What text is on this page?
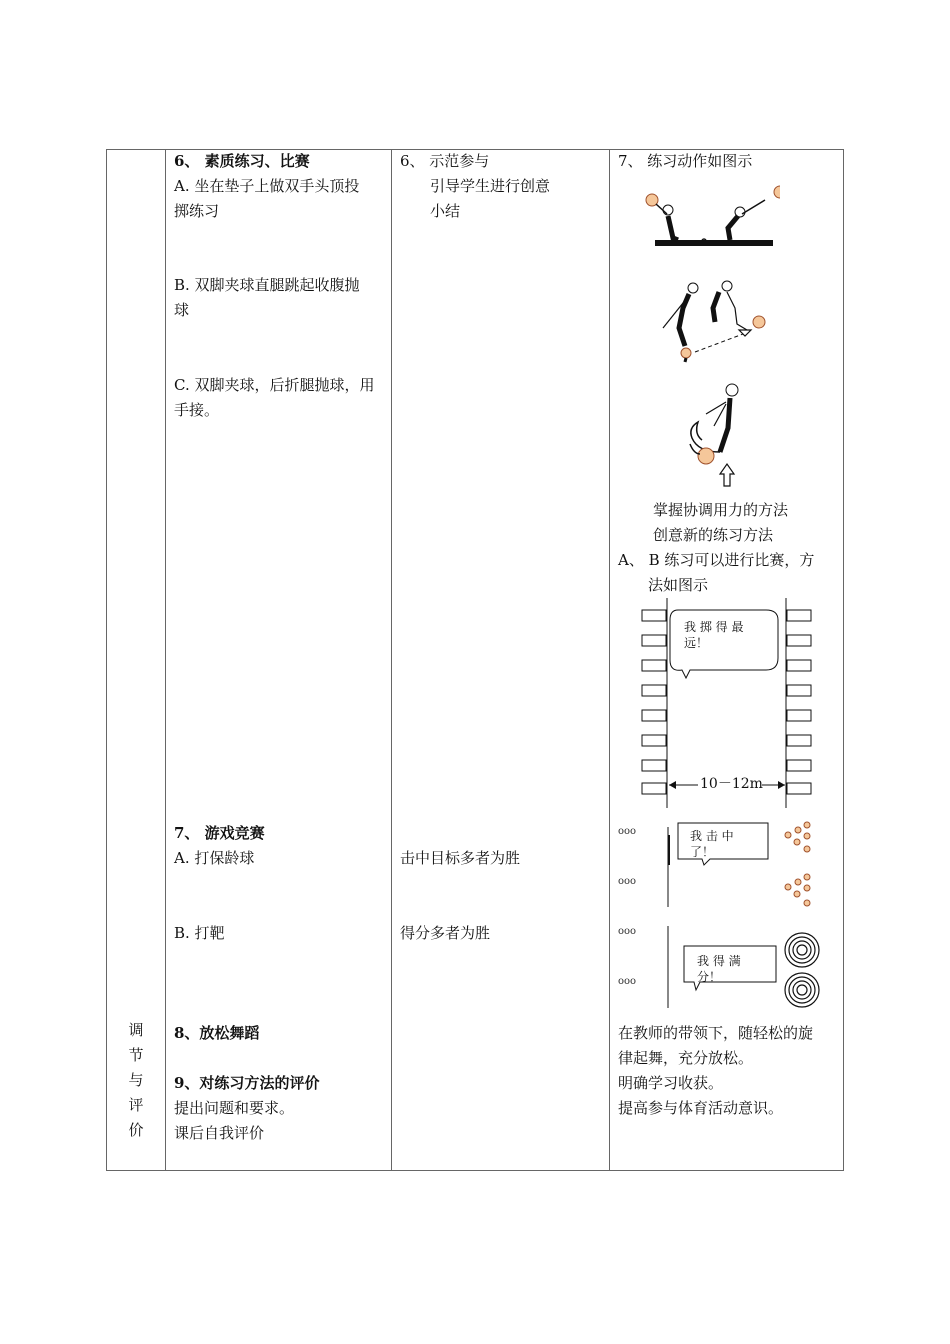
调
节
与
评
价
6、 素质练习、比赛
A. 坐在垫子上做双手头顶投
掷练习
B. 双脚夹球直腿跳起收腹抛
球
C. 双脚夹球，后折腿抛球，用
手接。
7、 游戏竞赛
A. 打保龄球
B. 打靶
8、放松舞蹈
9、对练习方法的评价
提出问题和要求。
课后自我评价
6、 示范参与
引导学生进行创意
小结
击中目标多者为胜
得分多者为胜
7、 练习动作如图示
掌握协调用力的方法
创意新的练习方法
A、 B 练习可以进行比赛，方
法如图示
在教师的带领下，随轻松的旋
律起舞，充分放松。
明确学习收获。
提高参与体育活动意识。
我 掷 得 最
远！
10－12m
ooo
ooo
我 击 中
了！
ooo
ooo
我 得 满
分！
